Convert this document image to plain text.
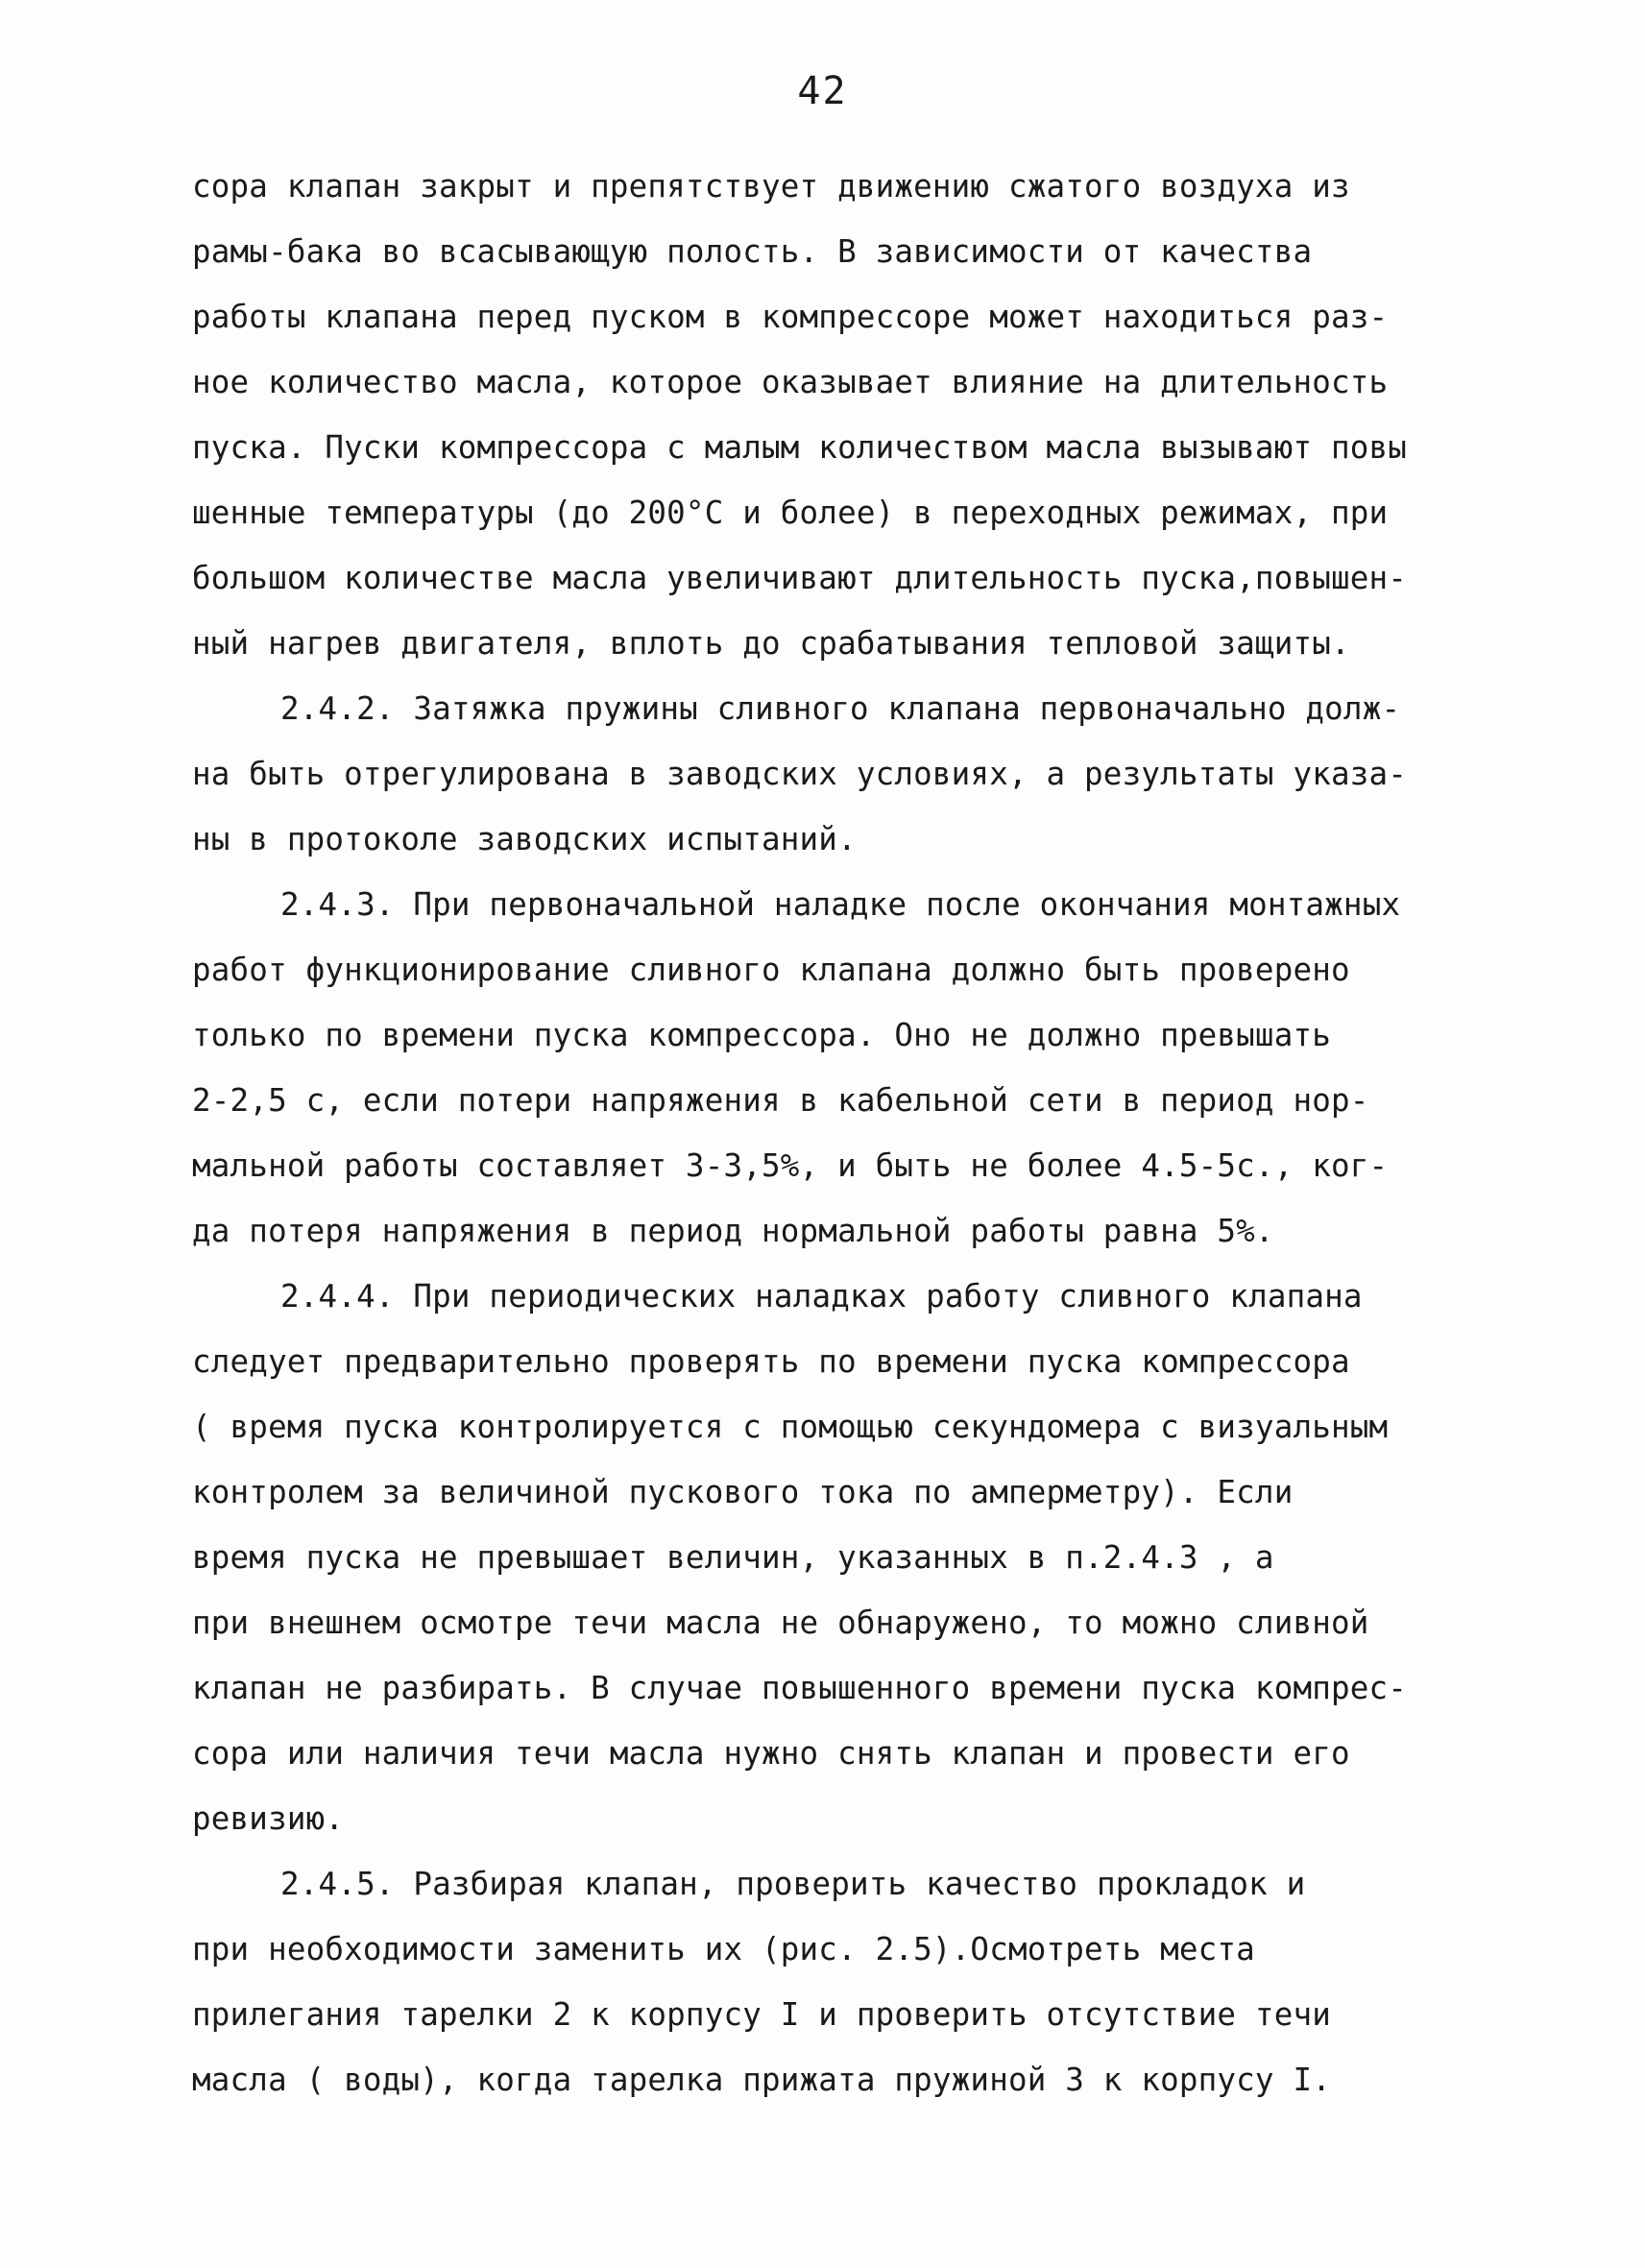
42
сора клапан закрыт и препятствует движению сжатого воздуха из
рамы-бака во всасывающую полость. В зависимости от качества
работы клапана перед пуском в компрессоре может находиться раз-
ное количество масла, которое оказывает влияние на длительность
пуска. Пуски компрессора с малым количеством масла вызывают повы
шенные температуры (до 200°С и более) в переходных режимах, при
большом количестве масла увеличивают длительность пуска,повышен-
ный нагрев двигателя, вплоть до срабатывания тепловой защиты.
2.4.2. Затяжка пружины сливного клапана первоначально долж-
на быть отрегулирована в заводских условиях, а результаты указа-
ны в протоколе заводских испытаний.
2.4.3. При первоначальной наладке после окончания монтажных
работ функционирование сливного клапана должно быть проверено
только по времени пуска компрессора. Оно не должно превышать
2-2,5 с, если потери напряжения в кабельной сети в период нор-
мальной работы составляет 3-3,5%, и быть не более 4.5-5с., ког-
да потеря напряжения в период нормальной работы равна 5%.
2.4.4. При периодических наладках работу сливного клапана
следует предварительно проверять по времени пуска компрессора
( время пуска контролируется с помощью секундомера с визуальным
контролем за величиной пускового тока по амперметру). Если
время пуска не превышает величин, указанных в п.2.4.3 , а
при внешнем осмотре течи масла не обнаружено, то можно сливной
клапан не разбирать. В случае повышенного времени пуска компрес-
сора или наличия течи масла нужно снять клапан и провести его
ревизию.
2.4.5. Разбирая клапан, проверить качество прокладок и
при необходимости заменить их (рис. 2.5).Осмотреть места
прилегания тарелки 2 к корпусу I и проверить отсутствие течи
масла ( воды), когда тарелка прижата пружиной 3 к корпусу I.
